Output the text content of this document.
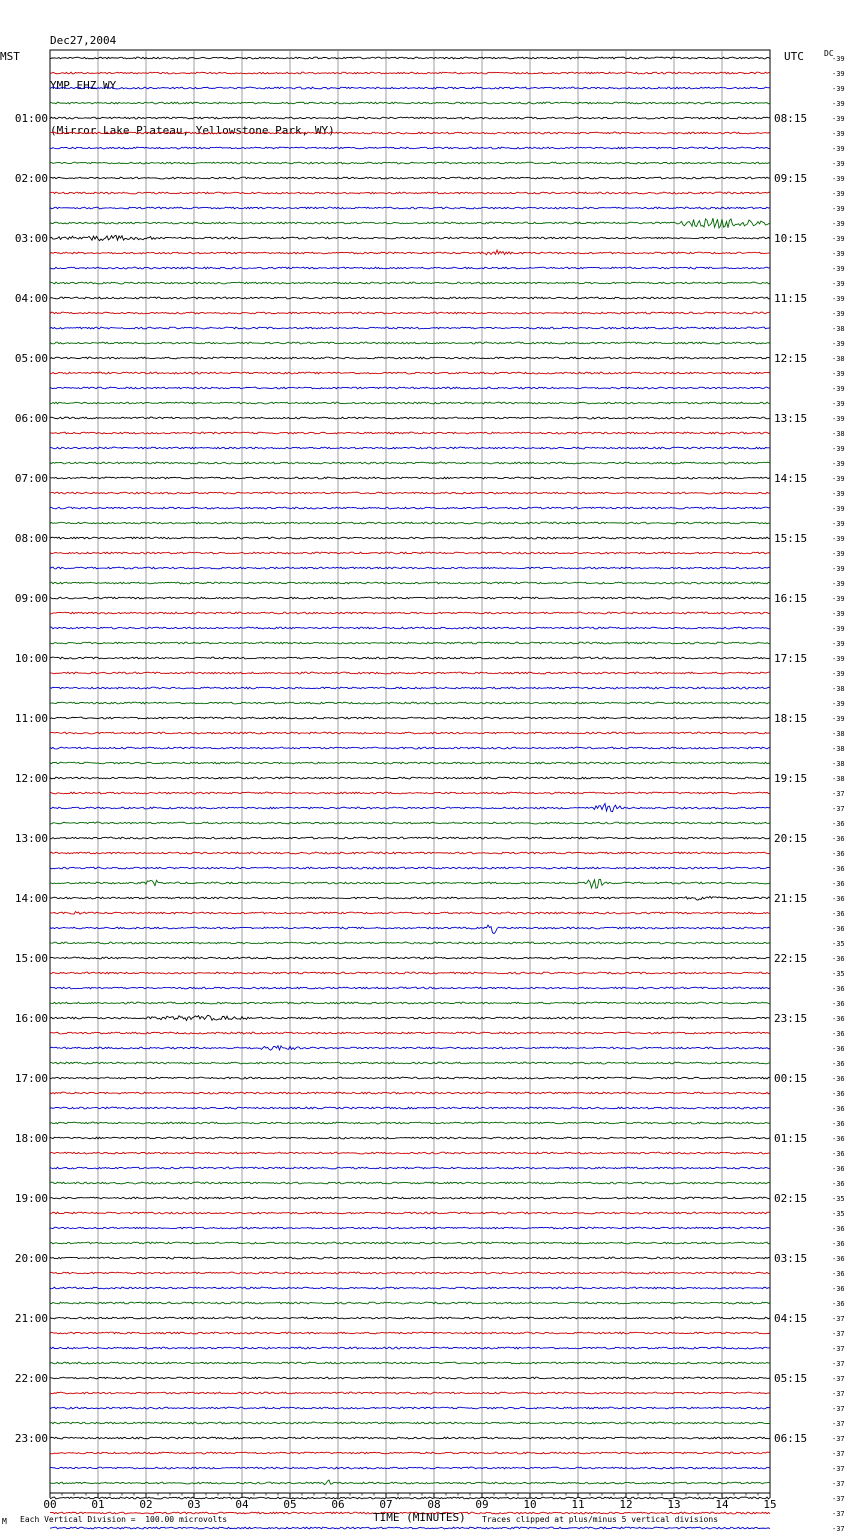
Dec27,2004

YMP EHZ WY

(Mirror Lake Plateau, Yellowstone Park, WY)

MST	UTC	DC
00	01	02	03	04	05	06	07	08	09	10	11	12	13	14	15
-39
-39
-39
-39
-39
-39
-39
-39
-39
-39
-39
-39
-39
-39
-39
-39
-39
-39
-38
-39
-38
-39
-39
-39
-39
-38
-39
-39
-39
-39
-39
-39
-39
-39
-39
-39
-39
-39
-39
-39
-39
-39
-38
-39
-39
-38
-38
-38
-38
-37
-37
-36
-36
-36
-36
-36
-36
-36
-36
-35
-36
-35
-36
-36
-36
-36
-36
-36
-36
-36
-36
-36
-36
-36
-36
-36
-35
-35
-36
-36
-36
-36
-36
-36
-37
-37
-37
-37
-37
-37
-37
-37
-37
-37
-37
-37
-37
-37
-37
01:00
02:00
03:00
04:00
05:00
06:00
07:00
08:00
09:00
10:00
11:00
12:00
13:00
14:00
15:00
16:00
17:00
18:00
19:00
20:00
21:00
22:00
23:00
08:15
09:15
10:15
11:15
12:15
13:15
14:15
15:15
16:15
17:15
18:15
19:15
20:15
21:15
22:15
23:15
00:15
01:15
02:15
03:15
04:15
05:15
06:15
M Each Vertical Division =  100.00 microvolts	TIME (MINUTES) Traces clipped at plus/minus 5 vertical divisions
